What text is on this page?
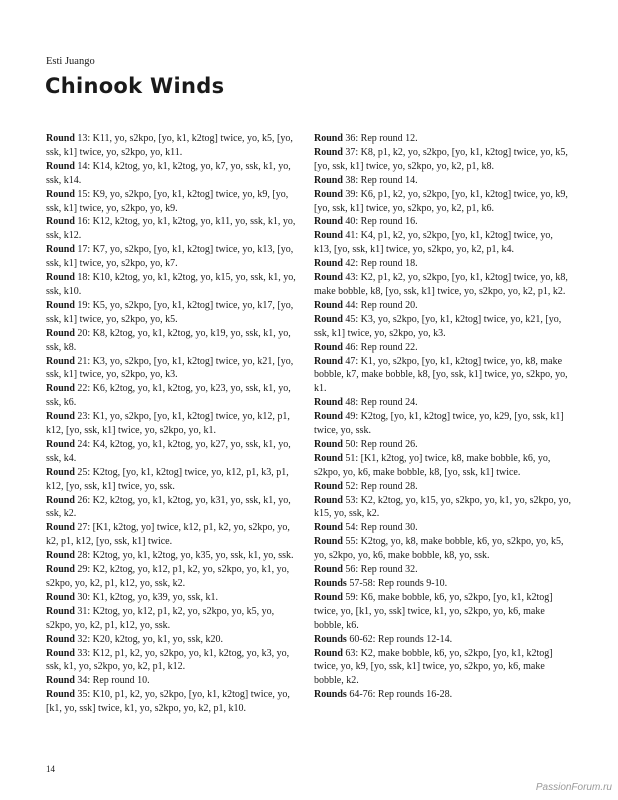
Esti Juango
Chinook Winds

Round 13: K11, yo, s2kpo, [yo, k1, k2tog] twice, yo, k5, [yo, ssk, k1] twice, yo, s2kpo, yo, k11.

Round 14: K14, k2tog, yo, k1, k2tog, yo, k7, yo, ssk, k1, yo, ssk, k14.

Round 15: K9, yo, s2kpo, [yo, k1, k2tog] twice, yo, k9, [yo, ssk, k1] twice, yo, s2kpo, yo, k9.

Round 16: K12, k2tog, yo, k1, k2tog, yo, k11, yo, ssk, k1, yo, ssk, k12.

Round 17: K7, yo, s2kpo, [yo, k1, k2tog] twice, yo, k13, [yo, ssk, k1] twice, yo, s2kpo, yo, k7.

Round 18: K10, k2tog, yo, k1, k2tog, yo, k15, yo, ssk, k1, yo, ssk, k10.

Round 19: K5, yo, s2kpo, [yo, k1, k2tog] twice, yo, k17, [yo, ssk, k1] twice, yo, s2kpo, yo, k5.

Round 20: K8, k2tog, yo, k1, k2tog, yo, k19, yo, ssk, k1, yo, ssk, k8.

Round 21: K3, yo, s2kpo, [yo, k1, k2tog] twice, yo, k21, [yo, ssk, k1] twice, yo, s2kpo, yo, k3.

Round 22: K6, k2tog, yo, k1, k2tog, yo, k23, yo, ssk, k1, yo, ssk, k6.

Round 23: K1, yo, s2kpo, [yo, k1, k2tog] twice, yo, k12, p1, k12, [yo, ssk, k1] twice, yo, s2kpo, yo, k1.

Round 24: K4, k2tog, yo, k1, k2tog, yo, k27, yo, ssk, k1, yo, ssk, k4.

Round 25: K2tog, [yo, k1, k2tog] twice, yo, k12, p1, k3, p1, k12, [yo, ssk, k1] twice, yo, ssk.

Round 26: K2, k2tog, yo, k1, k2tog, yo, k31, yo, ssk, k1, yo, ssk, k2.

Round 27: [K1, k2tog, yo] twice, k12, p1, k2, yo, s2kpo, yo, k2, p1, k12, [yo, ssk, k1] twice.

Round 28: K2tog, yo, k1, k2tog, yo, k35, yo, ssk, k1, yo, ssk.

Round 29: K2, k2tog, yo, k12, p1, k2, yo, s2kpo, yo, k1, yo, s2kpo, yo, k2, p1, k12, yo, ssk, k2.

Round 30: K1, k2tog, yo, k39, yo, ssk, k1.

Round 31: K2tog, yo, k12, p1, k2, yo, s2kpo, yo, k5, yo, s2kpo, yo, k2, p1, k12, yo, ssk.

Round 32: K20, k2tog, yo, k1, yo, ssk, k20.

Round 33: K12, p1, k2, yo, s2kpo, yo, k1, k2tog, yo, k3, yo, ssk, k1, yo, s2kpo, yo, k2, p1, k12.

Round 34: Rep round 10.

Round 35: K10, p1, k2, yo, s2kpo, [yo, k1, k2tog] twice, yo, [k1, yo, ssk] twice, k1, yo, s2kpo, yo, k2, p1, k10.

Round 36: Rep round 12.

Round 37: K8, p1, k2, yo, s2kpo, [yo, k1, k2tog] twice, yo, k5, [yo, ssk, k1] twice, yo, s2kpo, yo, k2, p1, k8.

Round 38: Rep round 14.

Round 39: K6, p1, k2, yo, s2kpo, [yo, k1, k2tog] twice, yo, k9, [yo, ssk, k1] twice, yo, s2kpo, yo, k2, p1, k6.

Round 40: Rep round 16.

Round 41: K4, p1, k2, yo, s2kpo, [yo, k1, k2tog] twice, yo, k13, [yo, ssk, k1] twice, yo, s2kpo, yo, k2, p1, k4.

Round 42: Rep round 18.

Round 43: K2, p1, k2, yo, s2kpo, [yo, k1, k2tog] twice, yo, k8, make bobble, k8, [yo, ssk, k1] twice, yo, s2kpo, yo, k2, p1, k2.

Round 44: Rep round 20.

Round 45: K3, yo, s2kpo, [yo, k1, k2tog] twice, yo, k21, [yo, ssk, k1] twice, yo, s2kpo, yo, k3.

Round 46: Rep round 22.

Round 47: K1, yo, s2kpo, [yo, k1, k2tog] twice, yo, k8, make bobble, k7, make bobble, k8, [yo, ssk, k1] twice, yo, s2kpo, yo, k1.

Round 48: Rep round 24.

Round 49: K2tog, [yo, k1, k2tog] twice, yo, k29, [yo, ssk, k1] twice, yo, ssk.

Round 50: Rep round 26.

Round 51: [K1, k2tog, yo] twice, k8, make bobble, k6, yo, s2kpo, yo, k6, make bobble, k8, [yo, ssk, k1] twice.

Round 52: Rep round 28.

Round 53: K2, k2tog, yo, k15, yo, s2kpo, yo, k1, yo, s2kpo, yo, k15, yo, ssk, k2.

Round 54: Rep round 30.

Round 55: K2tog, yo, k8, make bobble, k6, yo, s2kpo, yo, k5, yo, s2kpo, yo, k6, make bobble, k8, yo, ssk.

Round 56: Rep round 32.

Rounds 57-58: Rep rounds 9-10.

Round 59: K6, make bobble, k6, yo, s2kpo, [yo, k1, k2tog] twice, yo, [k1, yo, ssk] twice, k1, yo, s2kpo, yo, k6, make bobble, k6.

Rounds 60-62: Rep rounds 12-14.

Round 63: K2, make bobble, k6, yo, s2kpo, [yo, k1, k2tog] twice, yo, k9, [yo, ssk, k1] twice, yo, s2kpo, yo, k6, make bobble, k2.

Rounds 64-76: Rep rounds 16-28.

14
PassionForum.ru
